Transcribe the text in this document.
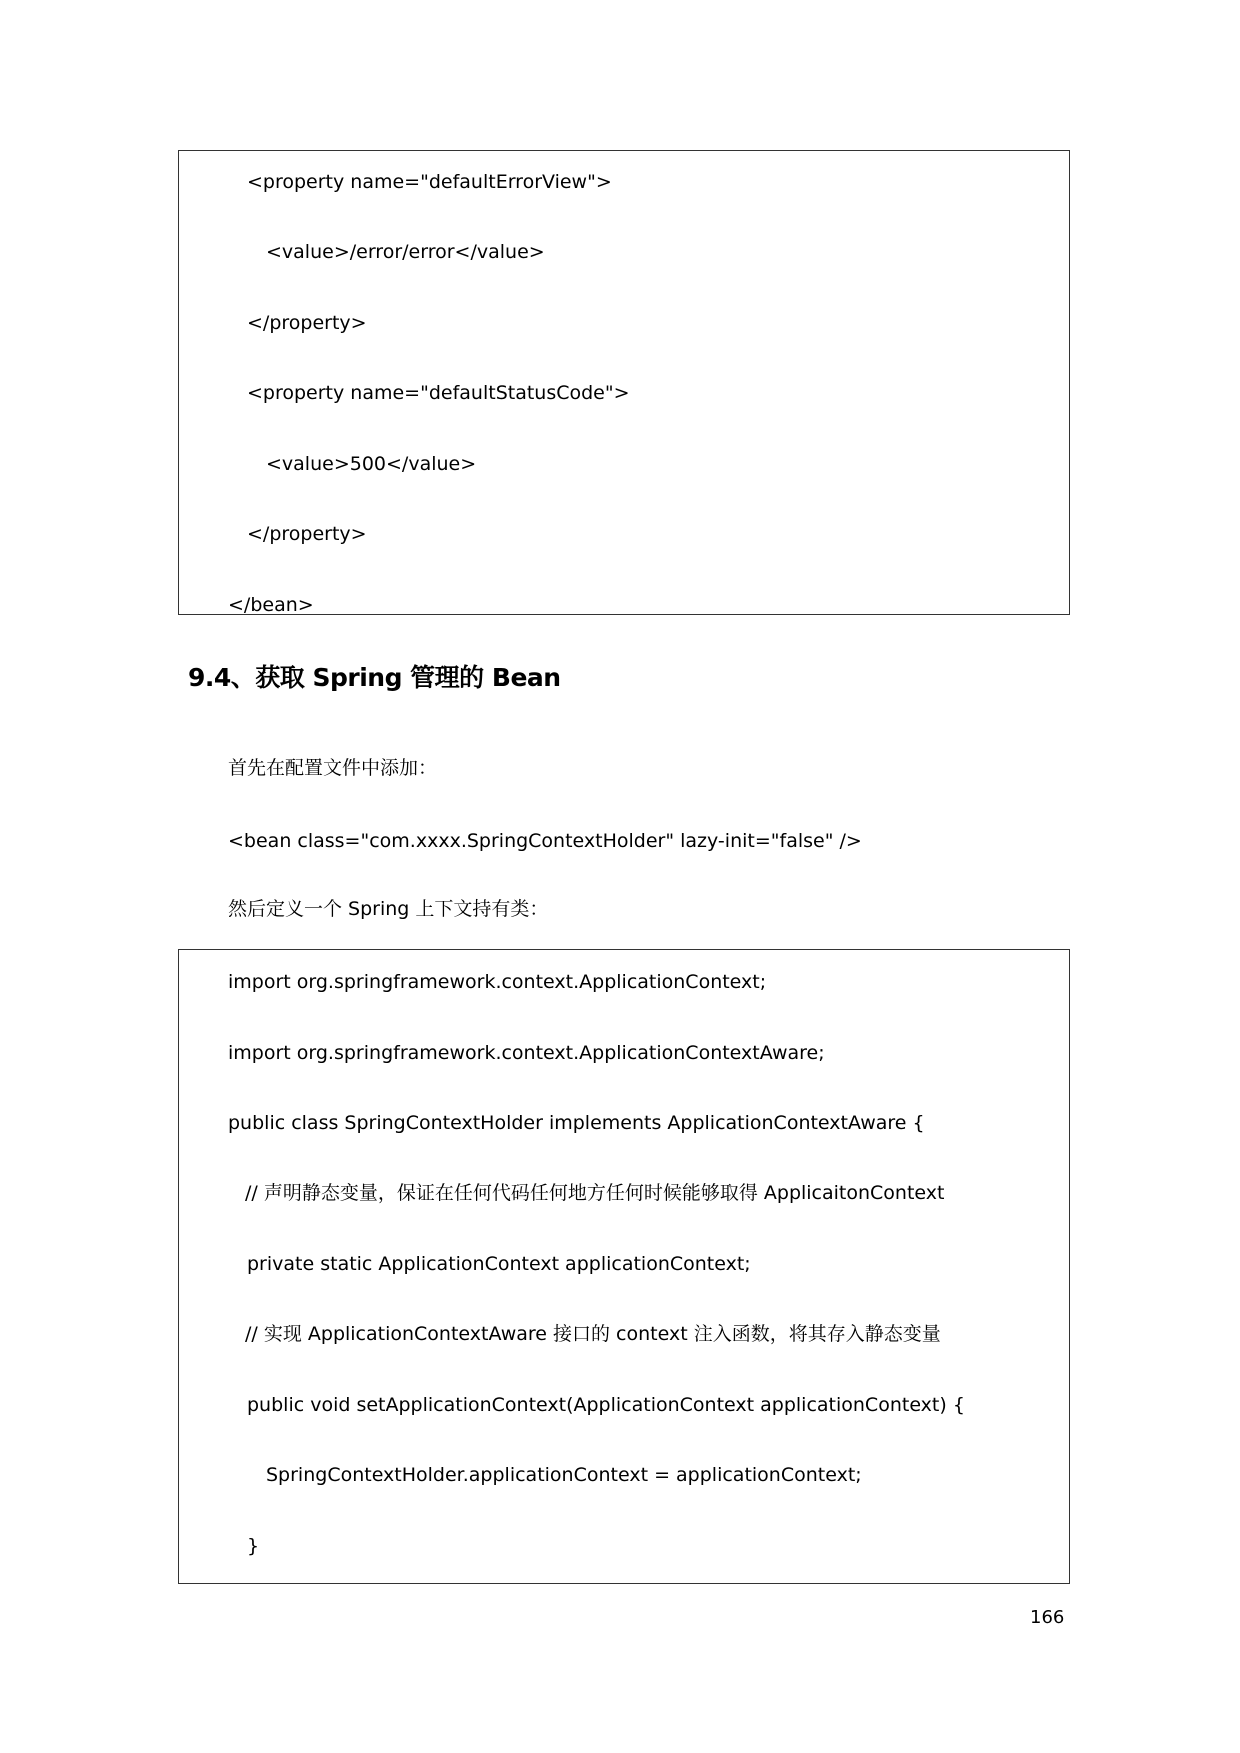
<property name="defaultErrorView">
<value>/error/error</value>
</property>
<property name="defaultStatusCode">
<value>500</value>
</property>
</bean>
9.4、获取 Spring 管理的 Bean
首先在配置文件中添加：
<bean class="com.xxxx.SpringContextHolder" lazy-init="false" />
然后定义一个 Spring 上下文持有类：
import org.springframework.context.ApplicationContext;
import org.springframework.context.ApplicationContextAware;
public class SpringContextHolder implements ApplicationContextAware {
// 声明静态变量，保证在任何代码任何地方任何时候能够取得 ApplicaitonContext
private static ApplicationContext applicationContext;
// 实现 ApplicationContextAware 接口的 context 注入函数，将其存入静态变量
public void setApplicationContext(ApplicationContext applicationContext) {
SpringContextHolder.applicationContext = applicationContext;
}
166
